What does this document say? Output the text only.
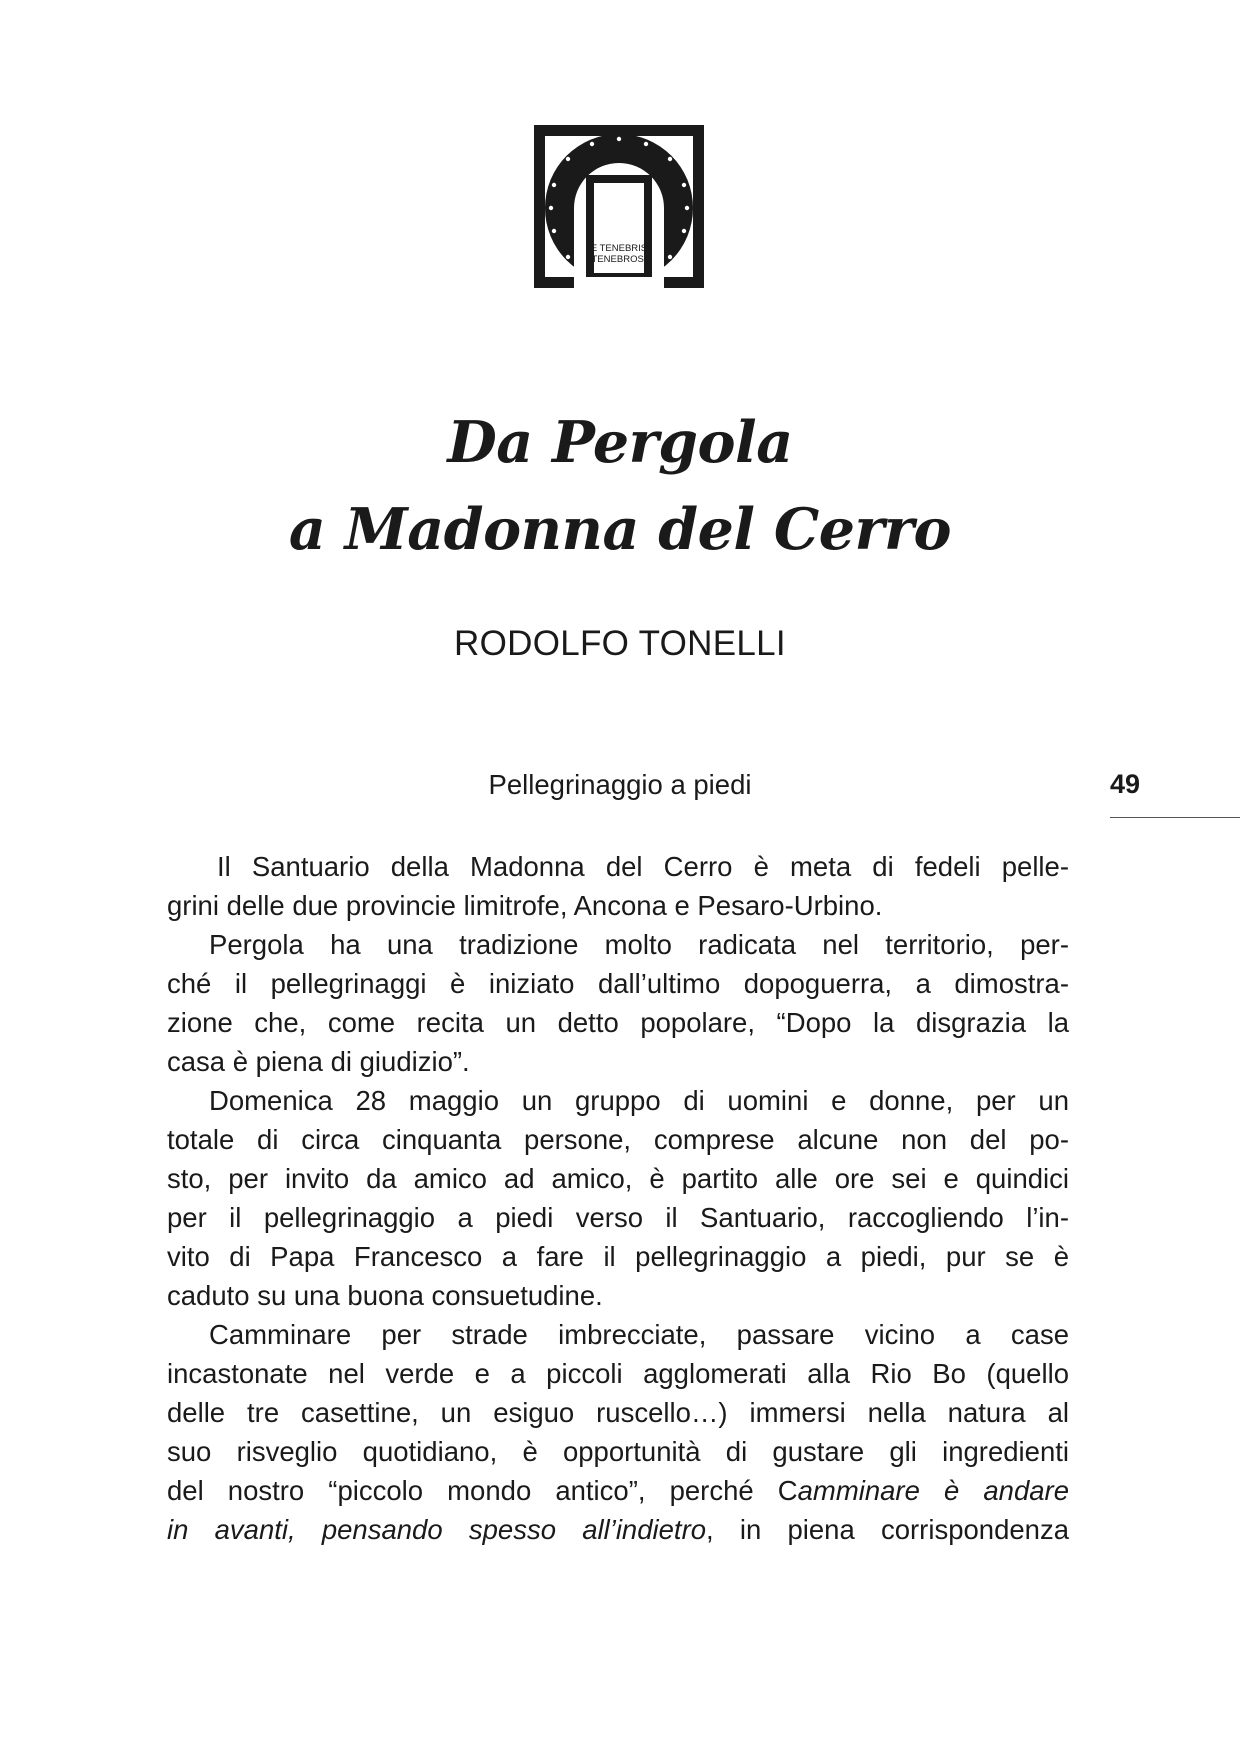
E TENEBRIS
TENEBROSI
Da Pergola
a Madonna del Cerro
RODOLFO TONELLI
Pellegrinaggio a piedi	49
Il Santuario della Madonna del Cerro è meta di fedeli pelle-
grini delle due provincie limitrofe, Ancona e Pesaro-Urbino.
Pergola ha una tradizione molto radicata nel territorio, per-
ché il pellegrinaggi è iniziato dall’ultimo dopoguerra, a dimostra-
zione che, come recita un detto popolare, “Dopo la disgrazia la
casa è piena di giudizio”.
Domenica 28 maggio un gruppo di uomini e donne, per un
totale di circa cinquanta persone, comprese alcune non del po-
sto, per invito da amico ad amico, è partito alle ore sei e quindici
per il pellegrinaggio a piedi verso il Santuario, raccogliendo l’in-
vito di Papa Francesco a fare il pellegrinaggio a piedi, pur se è
caduto su una buona consuetudine.
Camminare per strade imbrecciate, passare vicino a case
incastonate nel verde e a piccoli agglomerati alla Rio Bo (quello
delle tre casettine, un esiguo ruscello…) immersi nella natura al
suo risveglio quotidiano, è opportunità di gustare gli ingredienti
del nostro “piccolo mondo antico”, perché Camminare è andare
in avanti, pensando spesso all’indietro, in piena corrispondenza
